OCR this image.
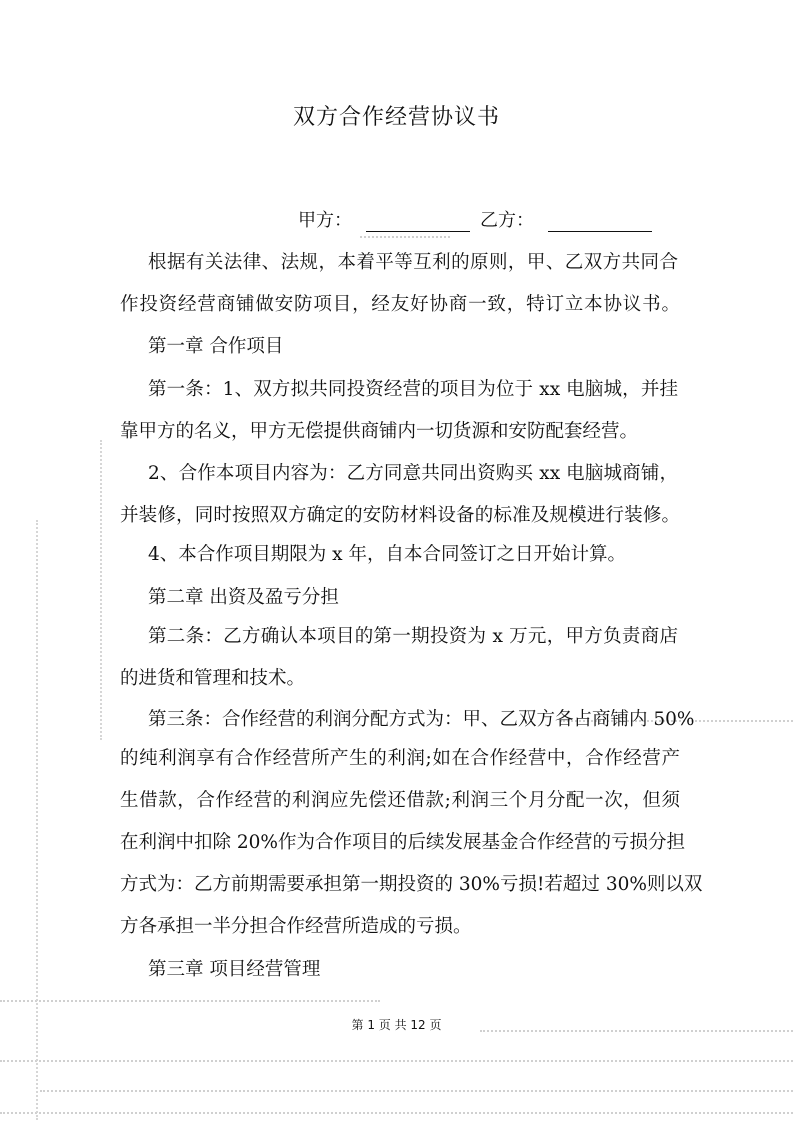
双方合作经营协议书
甲方：	乙方：
根据有关法律、法规，本着平等互利的原则，甲、乙双方共同合
作投资经营商铺做安防项目，经友好协商一致，特订立本协议书。
第一章 合作项目
第一条：1、双方拟共同投资经营的项目为位于 xx 电脑城，并挂
靠甲方的名义，甲方无偿提供商铺内一切货源和安防配套经营。
2、合作本项目内容为：乙方同意共同出资购买 xx 电脑城商铺，
并装修，同时按照双方确定的安防材料设备的标准及规模进行装修。
4、本合作项目期限为 x 年，自本合同签订之日开始计算。
第二章 出资及盈亏分担
第二条：乙方确认本项目的第一期投资为 x 万元，甲方负责商店
的进货和管理和技术。
第三条：合作经营的利润分配方式为：甲、乙双方各占商铺内 50%
的纯利润享有合作经营所产生的利润;如在合作经营中，合作经营产
生借款，合作经营的利润应先偿还借款;利润三个月分配一次，但须
在利润中扣除 20%作为合作项目的后续发展基金合作经营的亏损分担
方式为：乙方前期需要承担第一期投资的 30%亏损!若超过 30%则以双
方各承担一半分担合作经营所造成的亏损。
第三章 项目经营管理
第 1 页 共 12 页
